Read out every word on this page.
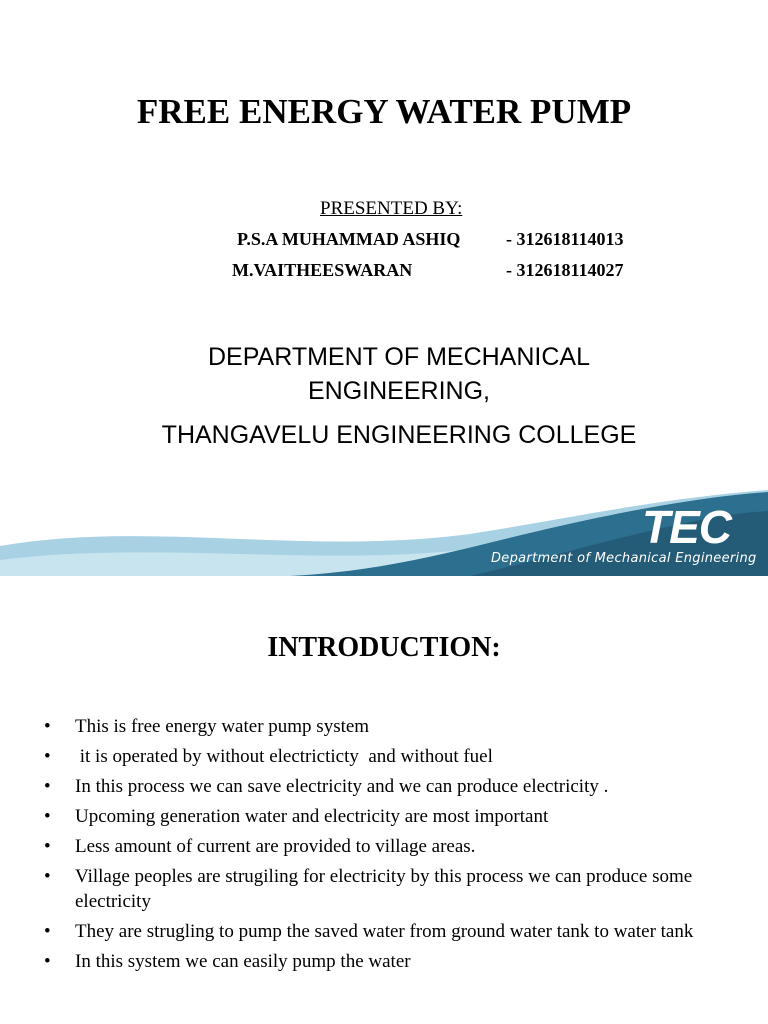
FREE ENERGY WATER PUMP
PRESENTED BY:
P.S.A MUHAMMAD ASHIQ	- 312618114013
M.VAITHEESWARAN	- 312618114027
DEPARTMENT OF MECHANICAL
ENGINEERING,
THANGAVELU ENGINEERING COLLEGE
TEC
Department of Mechanical Engineering
INTRODUCTION:
• This is free energy water pump system
• it is operated by without electricticty  and without fuel
• In this process we can save electricity and we can produce electricity .
• Upcoming generation water and electricity are most important
• Less amount of current are provided to village areas.
• Village peoples are strugiling for electricity by this process we can produce some electricity
• They are strugling to pump the saved water from ground water tank to water tank
• In this system we can easily pump the water
